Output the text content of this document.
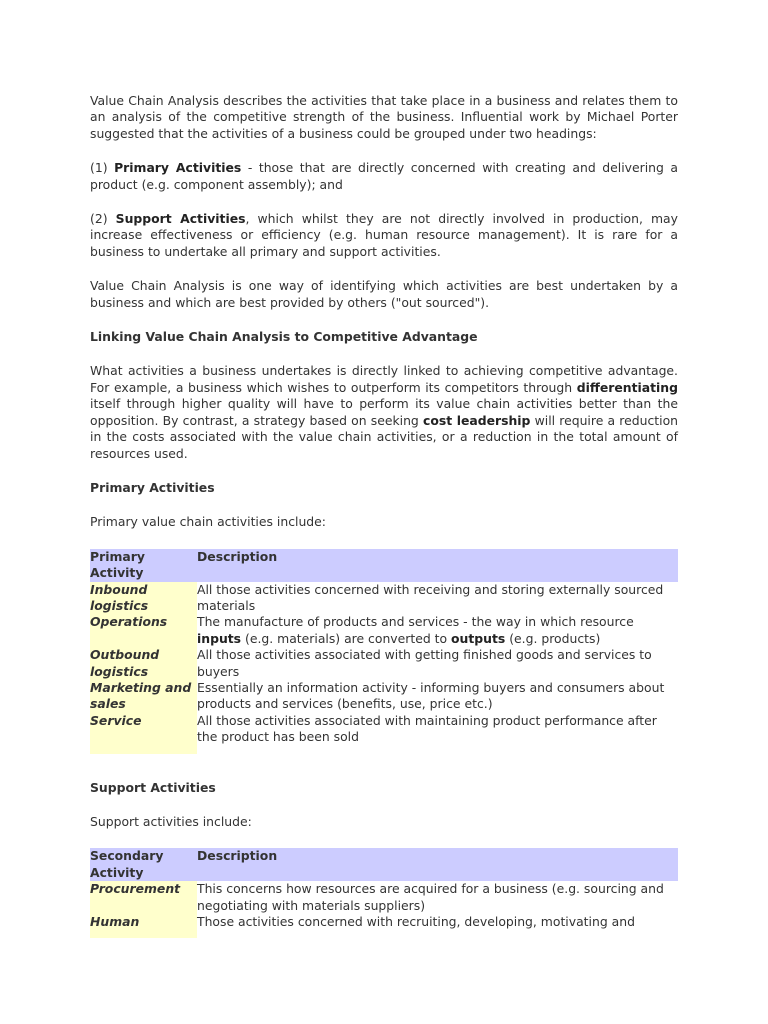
Value Chain Analysis describes the activities that take place in a business and relates them to an analysis of the competitive strength of the business. Influential work by Michael Porter suggested that the activities of a business could be grouped under two headings:

(1) Primary Activities - those that are directly concerned with creating and delivering a product (e.g. component assembly); and

(2) Support Activities, which whilst they are not directly involved in production, may increase effectiveness or efficiency (e.g. human resource management). It is rare for a business to undertake all primary and support activities.

Value Chain Analysis is one way of identifying which activities are best undertaken by a business and which are best provided by others ("out sourced").

Linking Value Chain Analysis to Competitive Advantage

What activities a business undertakes is directly linked to achieving competitive advantage. For example, a business which wishes to outperform its competitors through differentiating itself through higher quality will have to perform its value chain activities better than the opposition. By contrast, a strategy based on seeking cost leadership will require a reduction in the costs associated with the value chain activities, or a reduction in the total amount of resources used.

Primary Activities

Primary value chain activities include:

Primary Activity	Description
Inbound logistics	All those activities concerned with receiving and storing externally sourced materials
Operations	The manufacture of products and services - the way in which resource inputs (e.g. materials) are converted to outputs (e.g. products)
Outbound logistics	All those activities associated with getting finished goods and services to buyers
Marketing and sales	Essentially an information activity - informing buyers and consumers about products and services (benefits, use, price etc.)
Service	All those activities associated with maintaining product performance after the product has been sold

Support Activities

Support activities include:

Secondary Activity	Description
Procurement	This concerns how resources are acquired for a business (e.g. sourcing and negotiating with materials suppliers)
Human	Those activities concerned with recruiting, developing, motivating and
